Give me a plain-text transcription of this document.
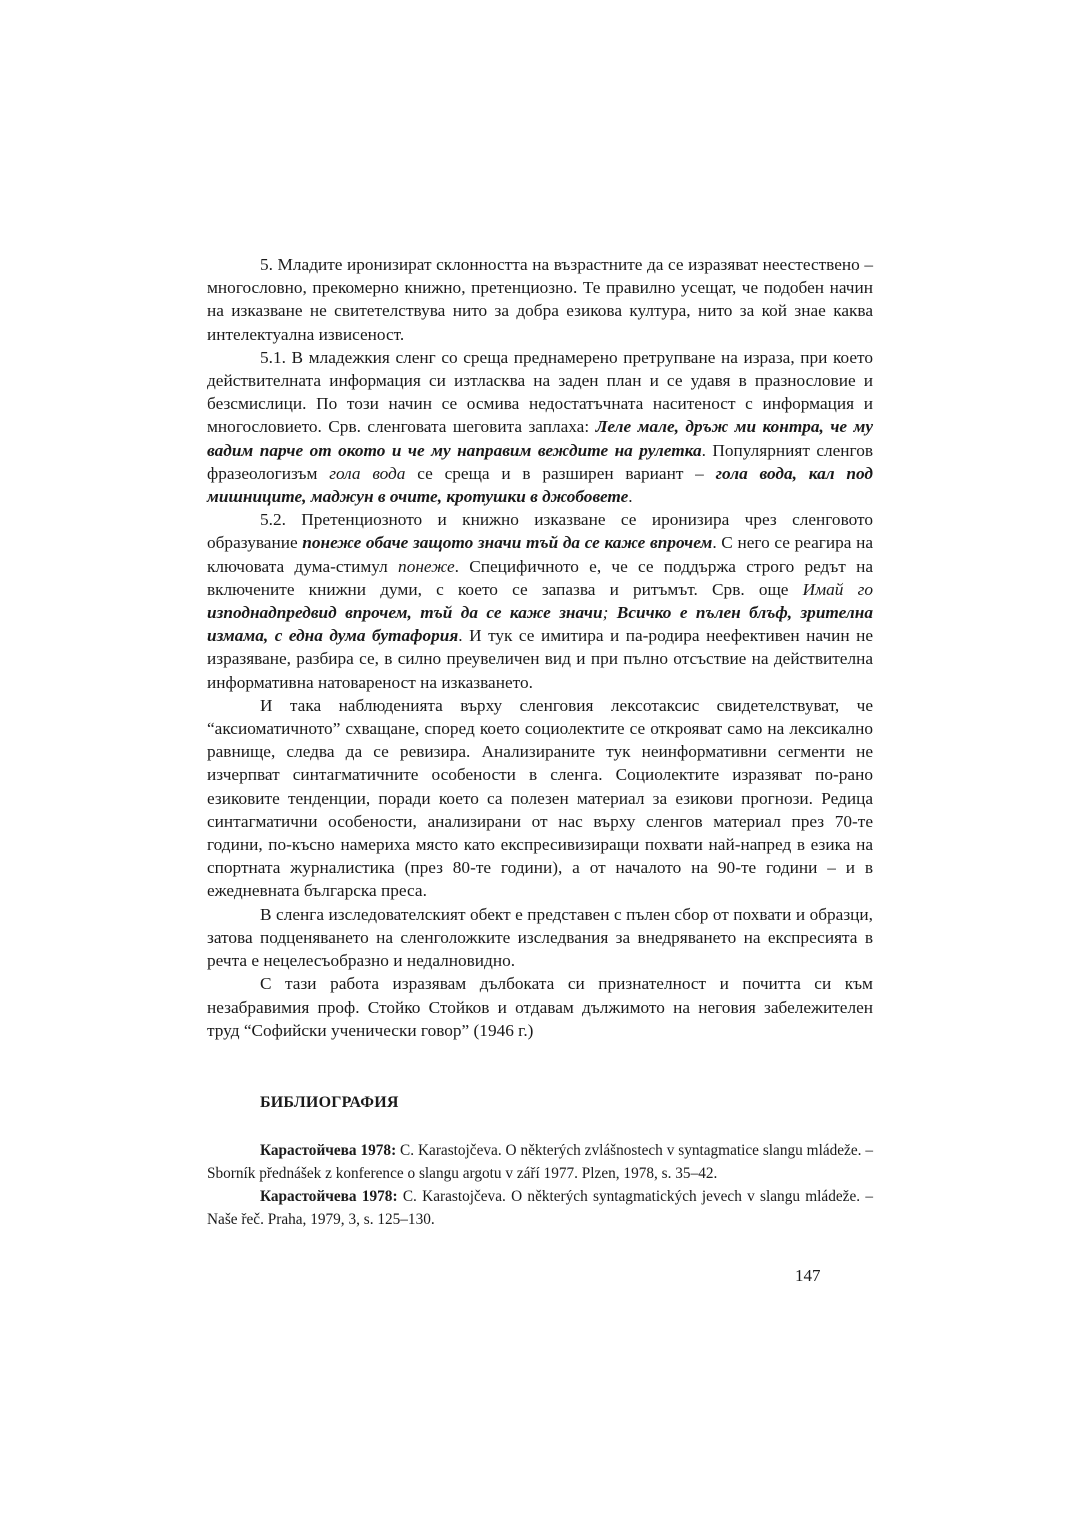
5. Младите иронизират склонността на възрастните да се изразяват неестествено – многословно, прекомерно книжно, претенциозно. Те правилно усещат, че подобен начин на изказване не свитетелствува нито за добра езикова култура, нито за кой знае каква интелектуална извисеност.

5.1. В младежкия сленг со среща преднамерено претрупване на израза, при което действителната информация си изтласква на заден план и се удавя в празнословие и безсмислици. По този начин се осмива недостатъчната наситеност с информация и многословието. Срв. сленговата шеговита заплаха: Леле мале, дръж ми контра, че му вадим парче от окото и че му направим веждите на рулетка. Популярният сленгов фразеологизъм гола вода се среща и в разширен вариант – гола вода, кал под мишниците, маджун в очите, кротушки в джобовете.

5.2. Претенциозното и книжно изказване се иронизира чрез сленговото образувание понеже обаче защото значи тъй да се каже впрочем. С него се реагира на ключовата дума-стимул понеже. Специфичното е, че се поддържа строго редът на включените книжни думи, с което се запазва и ритъмът. Срв. още Имай го изподнадпредвид впрочем, тъй да се каже значи; Всичко е пълен блъф, зрителна измама, с една дума бутафория. И тук се имитира и па-родира неефективен начин не изразяване, разбира се, в силно преувеличен вид и при пълно отсъствие на действителна информативна натовареност на изказването.

И така наблюденията върху сленговия лексотаксис свидетелствуват, че “аксиоматичното” схващане, според което социолектите се открояват само на лексикално равнище, следва да се ревизира. Анализираните тук неинформативни сегменти не изчерпват синтагматичните особености в сленга. Социолектите изразяват по-рано езиковите тенденции, поради което са полезен материал за езикови прогнози. Редица синтагматични особености, анализирани от нас върху сленгов материал през 70-те години, по-късно намериха място като експресивизиращи похвати най-напред в езика на спортната журналистика (през 80-те години), а от началото на 90-те години – и в ежедневната българска преса.

В сленга изследователският обект е представен с пълен сбор от похвати и образци, затова подценяването на сленголожките изследвания за внедряването на експресията в речта е нецелесъобразно и недалновидно.

С тази работа изразявам дълбоката си признателност и почитта си към незабравимия проф. Стойко Стойков и отдавам дължимото на неговия забележителен труд “Софийски ученически говор” (1946 г.)

БИБЛИОГРАФИЯ

Карастойчева 1978: C. Karastojčeva. O některých zvlášnostech v syntagmatice slangu mládeže. – Sborník přednášek z konference o slangu argotu v září 1977. Plzen, 1978, s. 35–42.

Карастойчева 1978: C. Karastojčeva. O některých syntagmatických jevech v slangu mládeže. – Naše řeč. Praha, 1979, 3, s. 125–130.

147
